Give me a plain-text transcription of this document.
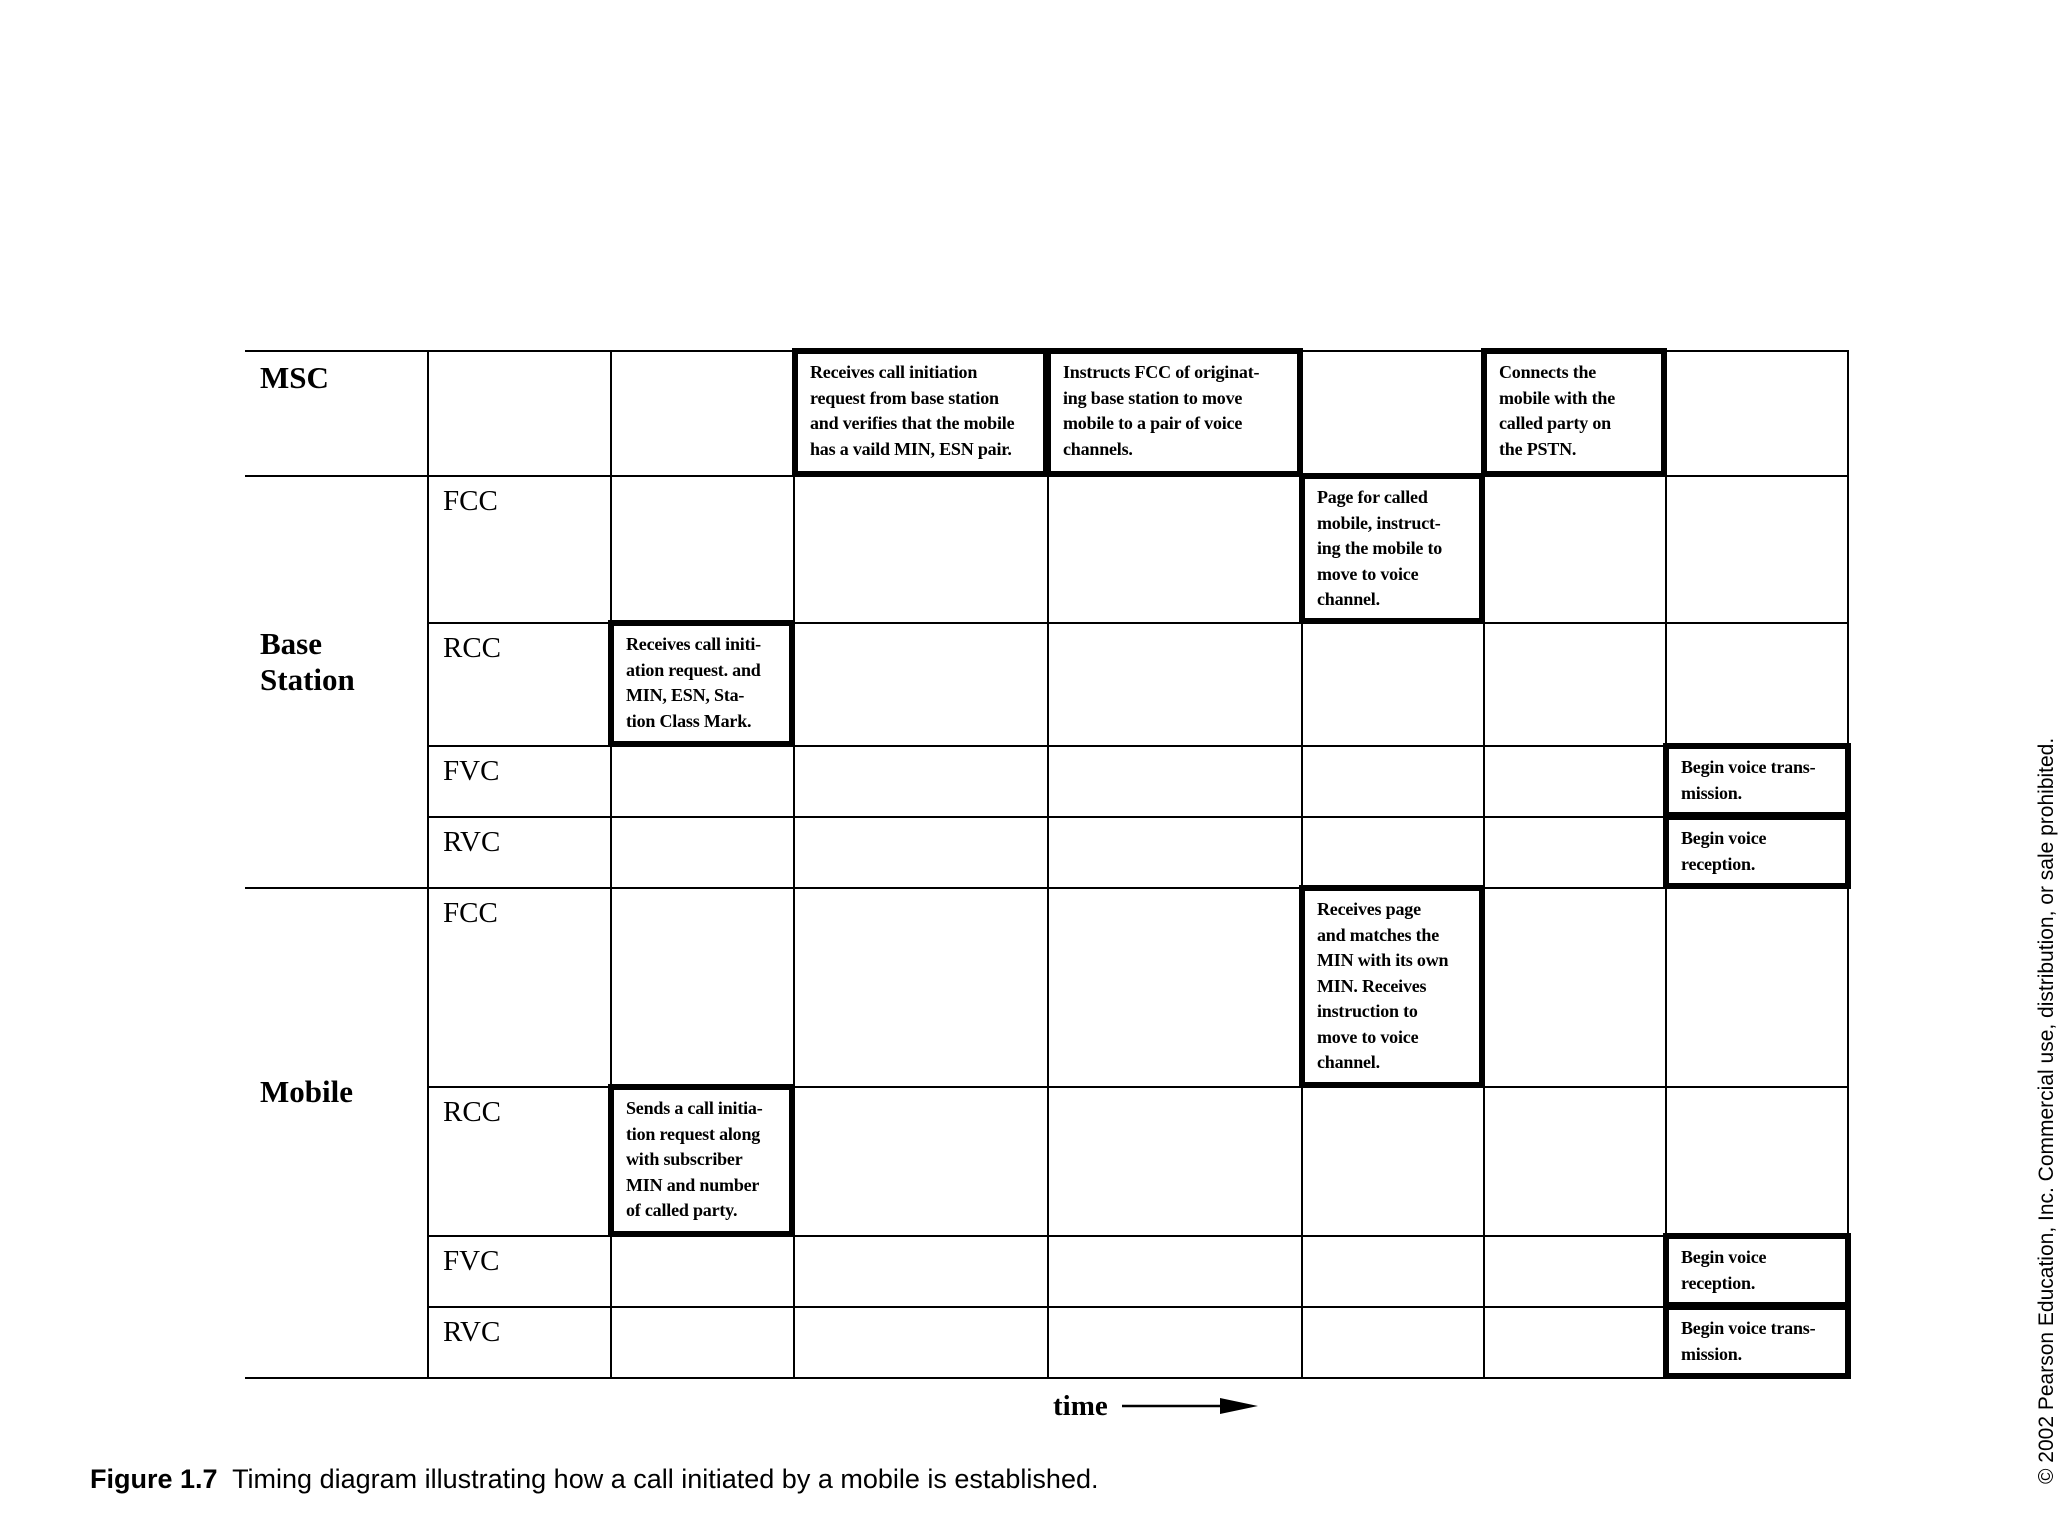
MSC
Base
Station
Mobile
FCC
RCC
FVC
RVC
FCC
RCC
FVC
RVC
Receives call initiation
request from base station
and verifies that the mobile
has a vaild MIN, ESN pair.
Instructs FCC of originat-
ing base station to move
mobile to a pair of voice
channels.
Connects the
mobile with the
called party on
the PSTN.
Page for called
mobile, instruct-
ing the mobile to
move to voice
channel.
Receives call initi-
ation request. and
MIN, ESN, Sta-
tion Class Mark.
Begin voice trans-
mission.
Begin voice
reception.
Receives page
and matches the
MIN with its own
MIN. Receives
instruction to
move to voice
channel.
Sends a call initia-
tion request along
with subscriber
MIN and number
of called party.
Begin voice
reception.
Begin voice trans-
mission.
time
Figure 1.7 Timing diagram illustrating how a call initiated by a mobile is established.	© 2002 Pearson Education, Inc. Commercial use, distribution, or sale prohibited.
